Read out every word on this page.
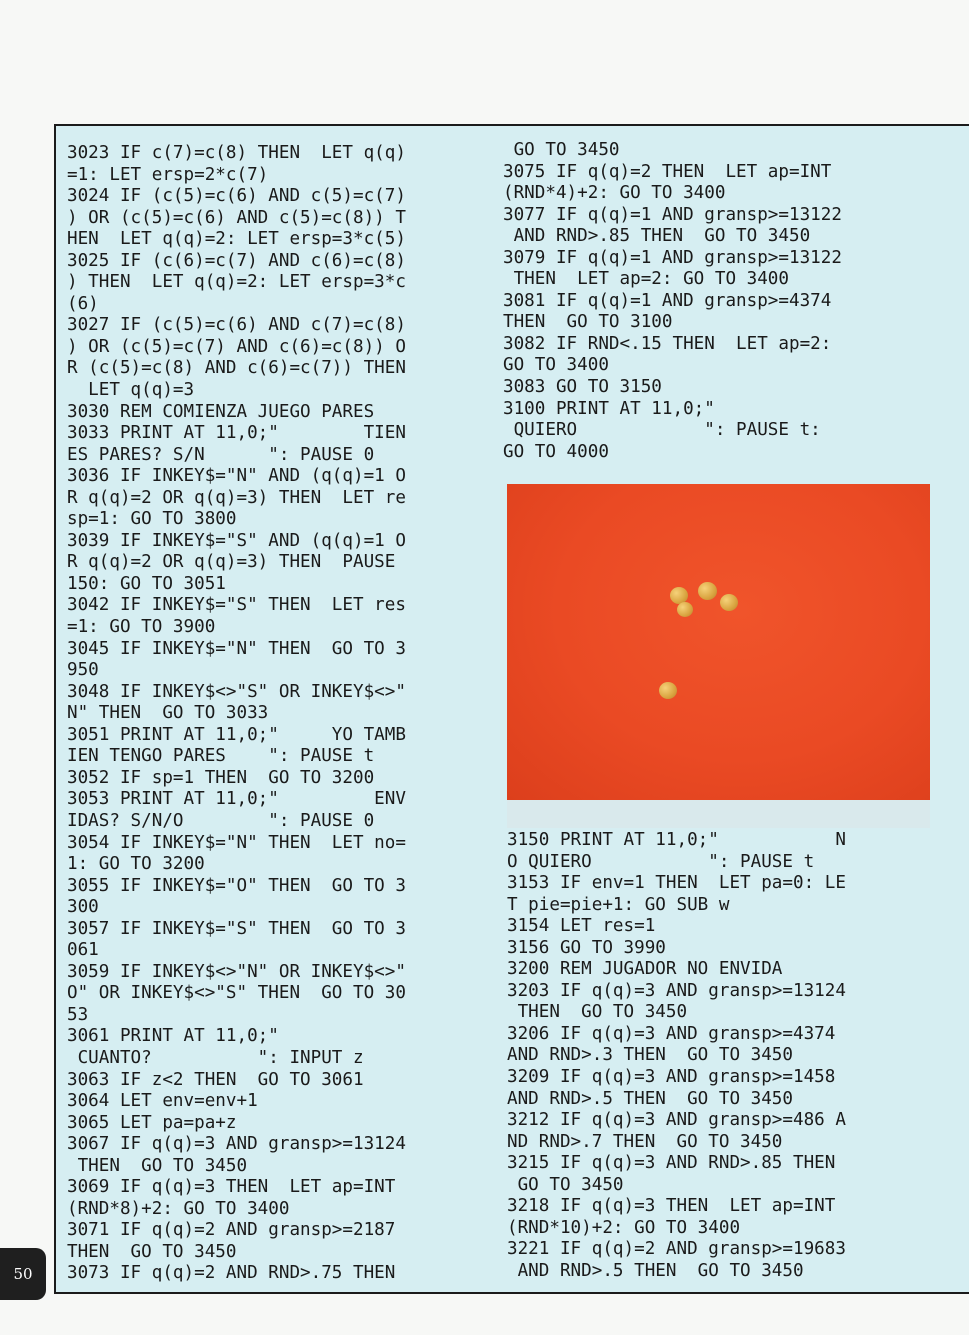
3023 IF c(7)=c(8) THEN  LET q(q)
=1: LET ersp=2*c(7)
3024 IF (c(5)=c(6) AND c(5)=c(7)
) OR (c(5)=c(6) AND c(5)=c(8)) T
HEN  LET q(q)=2: LET ersp=3*c(5)
3025 IF (c(6)=c(7) AND c(6)=c(8)
) THEN  LET q(q)=2: LET ersp=3*c
(6)
3027 IF (c(5)=c(6) AND c(7)=c(8)
) OR (c(5)=c(7) AND c(6)=c(8)) O
R (c(5)=c(8) AND c(6)=c(7)) THEN
LET q(q)=3
3030 REM COMIENZA JUEGO PARES
3033 PRINT AT 11,0;"        TIEN
ES PARES? S/N      ": PAUSE 0
3036 IF INKEY$="N" AND (q(q)=1 O
R q(q)=2 OR q(q)=3) THEN  LET re
sp=1: GO TO 3800
3039 IF INKEY$="S" AND (q(q)=1 O
R q(q)=2 OR q(q)=3) THEN  PAUSE
150: GO TO 3051
3042 IF INKEY$="S" THEN  LET res
=1: GO TO 3900
3045 IF INKEY$="N" THEN  GO TO 3
950
3048 IF INKEY$<>"S" OR INKEY$<>"
N" THEN  GO TO 3033
3051 PRINT AT 11,0;"     YO TAMB
IEN TENGO PARES    ": PAUSE t
3052 IF sp=1 THEN  GO TO 3200
3053 PRINT AT 11,0;"         ENV
IDAS? S/N/O        ": PAUSE 0
3054 IF INKEY$="N" THEN  LET no=
1: GO TO 3200
3055 IF INKEY$="O" THEN  GO TO 3
300
3057 IF INKEY$="S" THEN  GO TO 3
061
3059 IF INKEY$<>"N" OR INKEY$<>"
O" OR INKEY$<>"S" THEN  GO TO 30
53
3061 PRINT AT 11,0;"
CUANTO?          ": INPUT z
3063 IF z<2 THEN  GO TO 3061
3064 LET env=env+1
3065 LET pa=pa+z
3067 IF q(q)=3 AND gransp>=13124
THEN  GO TO 3450
3069 IF q(q)=3 THEN  LET ap=INT
(RND*8)+2: GO TO 3400
3071 IF q(q)=2 AND gransp>=2187
THEN  GO TO 3450
3073 IF q(q)=2 AND RND>.75 THEN
GO TO 3450
3075 IF q(q)=2 THEN  LET ap=INT
(RND*4)+2: GO TO 3400
3077 IF q(q)=1 AND gransp>=13122
AND RND>.85 THEN  GO TO 3450
3079 IF q(q)=1 AND gransp>=13122
THEN  LET ap=2: GO TO 3400
3081 IF q(q)=1 AND gransp>=4374
THEN  GO TO 3100
3082 IF RND<.15 THEN  LET ap=2:
GO TO 3400
3083 GO TO 3150
3100 PRINT AT 11,0;"
QUIERO            ": PAUSE t:
GO TO 4000
3150 PRINT AT 11,0;"           N
O QUIERO           ": PAUSE t
3153 IF env=1 THEN  LET pa=0: LE
T pie=pie+1: GO SUB w
3154 LET res=1
3156 GO TO 3990
3200 REM JUGADOR NO ENVIDA
3203 IF q(q)=3 AND gransp>=13124
THEN  GO TO 3450
3206 IF q(q)=3 AND gransp>=4374
AND RND>.3 THEN  GO TO 3450
3209 IF q(q)=3 AND gransp>=1458
AND RND>.5 THEN  GO TO 3450
3212 IF q(q)=3 AND gransp>=486 A
ND RND>.7 THEN  GO TO 3450
3215 IF q(q)=3 AND RND>.85 THEN
GO TO 3450
3218 IF q(q)=3 THEN  LET ap=INT
(RND*10)+2: GO TO 3400
3221 IF q(q)=2 AND gransp>=19683
AND RND>.5 THEN  GO TO 3450
50
